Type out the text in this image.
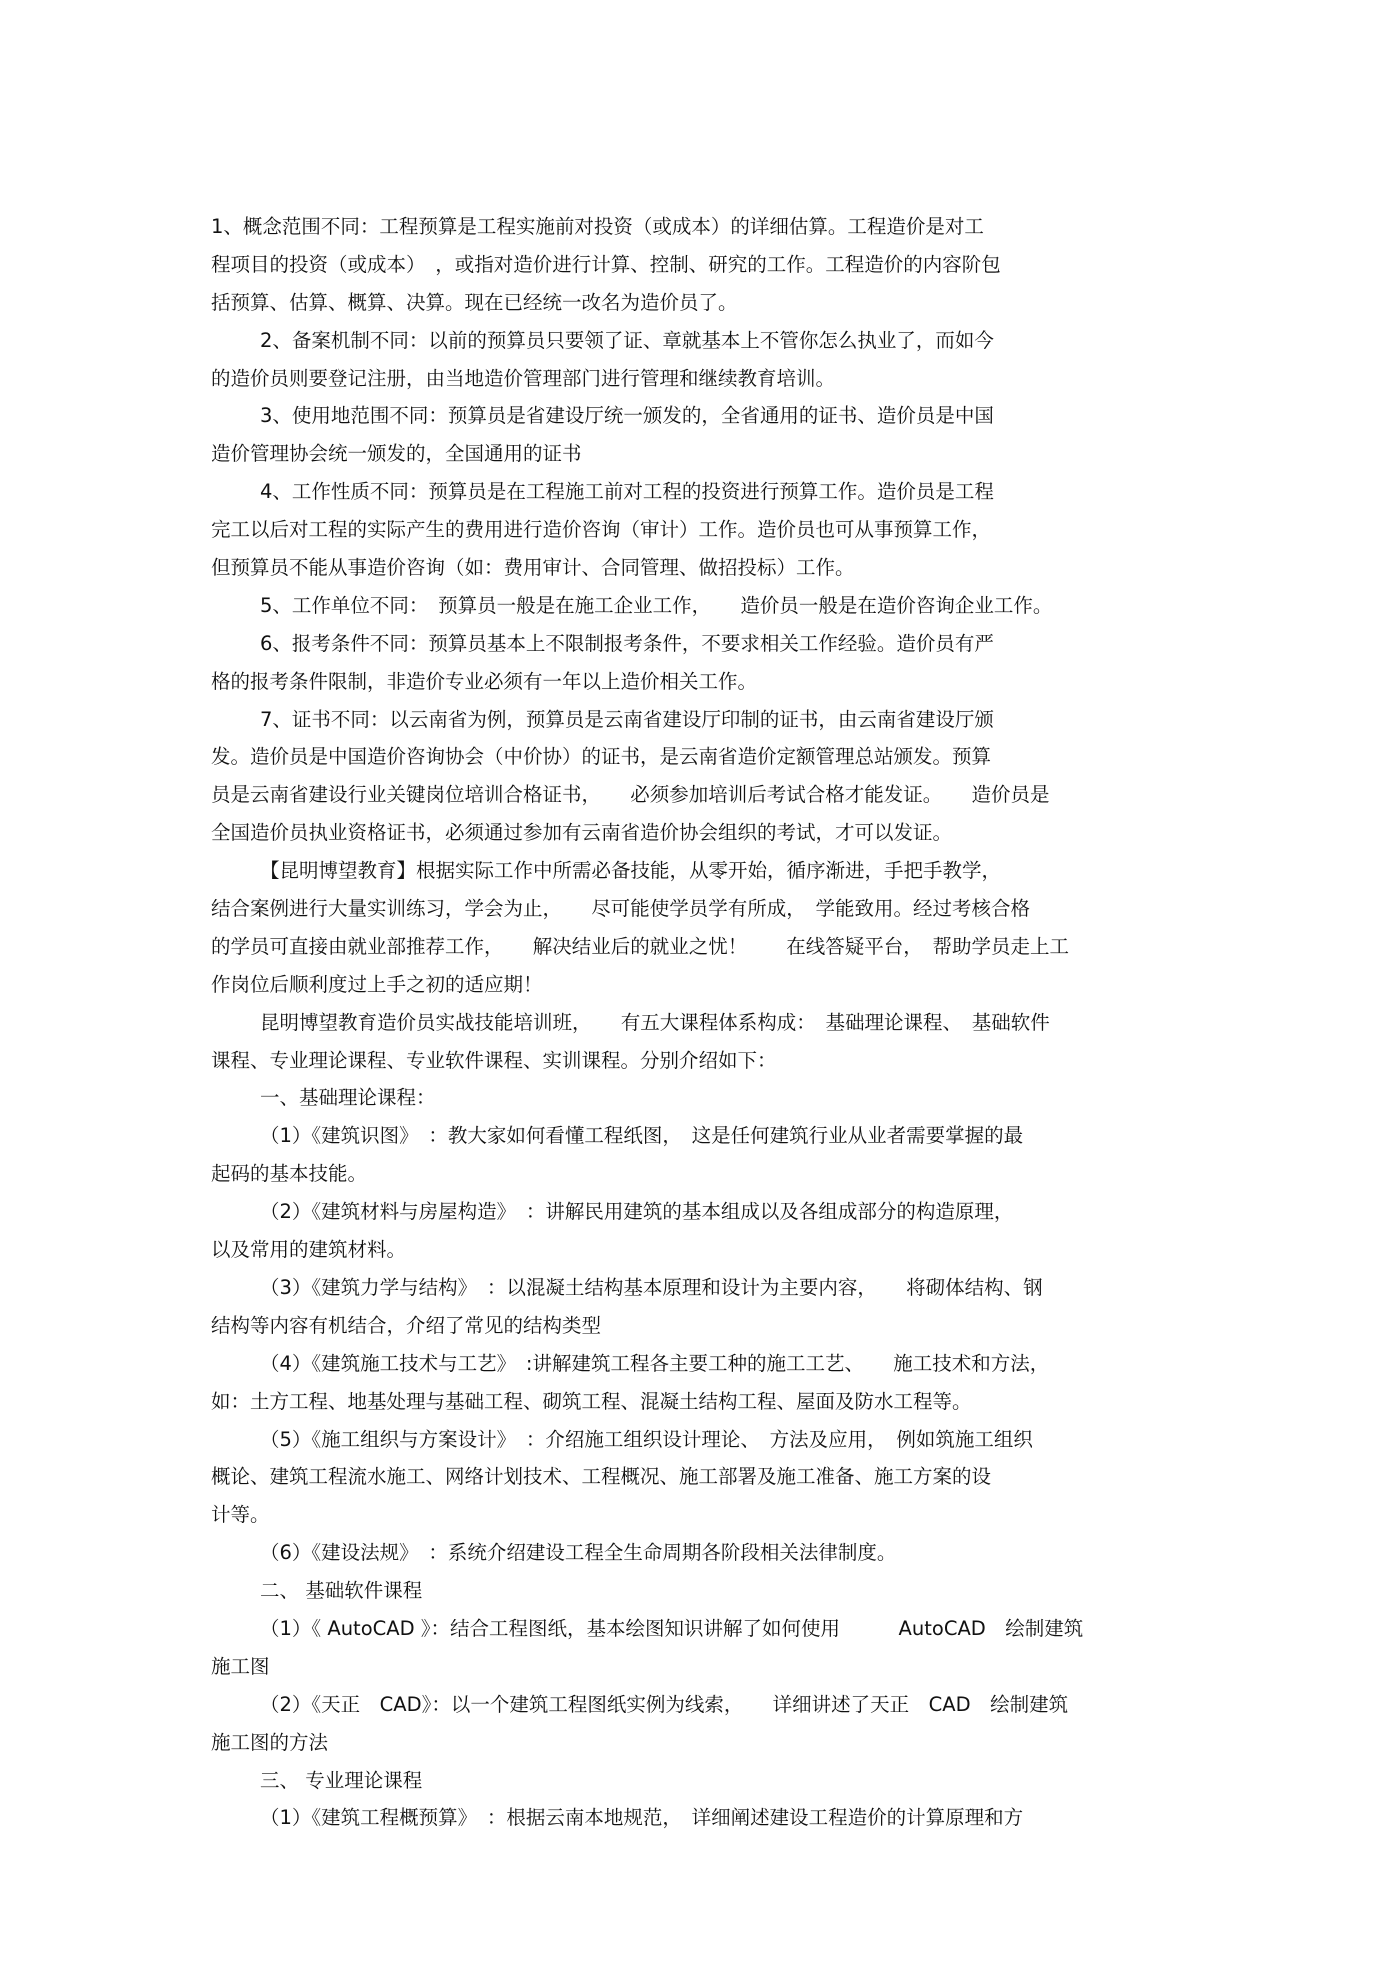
1、概念范围不同：工程预算是工程实施前对投资（或成本）的详细估算。工程造价是对工
程项目的投资（或成本）　，或指对造价进行计算、控制、研究的工作。工程造价的内容阶包
括预算、估算、概算、决算。现在已经统一改名为造价员了。
2、备案机制不同：以前的预算员只要领了证、章就基本上不管你怎么执业了，而如今
的造价员则要登记注册，由当地造价管理部门进行管理和继续教育培训。
3、使用地范围不同：预算员是省建设厅统一颁发的，全省通用的证书、造价员是中国
造价管理协会统一颁发的，全国通用的证书
4、工作性质不同：预算员是在工程施工前对工程的投资进行预算工作。造价员是工程
完工以后对工程的实际产生的费用进行造价咨询（审计）工作。造价员也可从事预算工作，
但预算员不能从事造价咨询（如：费用审计、合同管理、做招投标）工作。
5、工作单位不同：　预算员一般是在施工企业工作，　　造价员一般是在造价咨询企业工作。
6、报考条件不同：预算员基本上不限制报考条件，不要求相关工作经验。造价员有严
格的报考条件限制，非造价专业必须有一年以上造价相关工作。
7、证书不同：以云南省为例，预算员是云南省建设厅印制的证书，由云南省建设厅颁
发。造价员是中国造价咨询协会（中价协）的证书，是云南省造价定额管理总站颁发。预算
员是云南省建设行业关键岗位培训合格证书，　　必须参加培训后考试合格才能发证。　　造价员是
全国造价员执业资格证书，必须通过参加有云南省造价协会组织的考试，才可以发证。
【昆明博望教育】根据实际工作中所需必备技能，从零开始，循序渐进，手把手教学，
结合案例进行大量实训练习，学会为止，　　尽可能使学员学有所成，　学能致用。经过考核合格
的学员可直接由就业部推荐工作，　　解决结业后的就业之忧！　　在线答疑平台，　帮助学员走上工
作岗位后顺利度过上手之初的适应期！
昆明博望教育造价员实战技能培训班，　　有五大课程体系构成：　基础理论课程、　基础软件
课程、专业理论课程、专业软件课程、实训课程。分别介绍如下：
一、基础理论课程：
（1）《建筑识图》　：教大家如何看懂工程纸图，　这是任何建筑行业从业者需要掌握的最
起码的基本技能。
（2）《建筑材料与房屋构造》　：讲解民用建筑的基本组成以及各组成部分的构造原理，
以及常用的建筑材料。
（3）《建筑力学与结构》　：以混凝土结构基本原理和设计为主要内容，　　将砌体结构、钢
结构等内容有机结合，介绍了常见的结构类型
（4）《建筑施工技术与工艺》　:讲解建筑工程各主要工种的施工工艺、　　施工技术和方法，
如：土方工程、地基处理与基础工程、砌筑工程、混凝土结构工程、屋面及防水工程等。
（5）《施工组织与方案设计》　：介绍施工组织设计理论、　方法及应用，　例如筑施工组织
概论、建筑工程流水施工、网络计划技术、工程概况、施工部署及施工准备、施工方案的设
计等。
（6）《建设法规》　：系统介绍建设工程全生命周期各阶段相关法律制度。
二、 基础软件课程
（1）《 AutoCAD 》：结合工程图纸，基本绘图知识讲解了如何使用　　　AutoCAD　绘制建筑
施工图
（2）《天正　CAD》：以一个建筑工程图纸实例为线索，　　详细讲述了天正　CAD　绘制建筑
施工图的方法
三、 专业理论课程
（1）《建筑工程概预算》　：根据云南本地规范，　详细阐述建设工程造价的计算原理和方
